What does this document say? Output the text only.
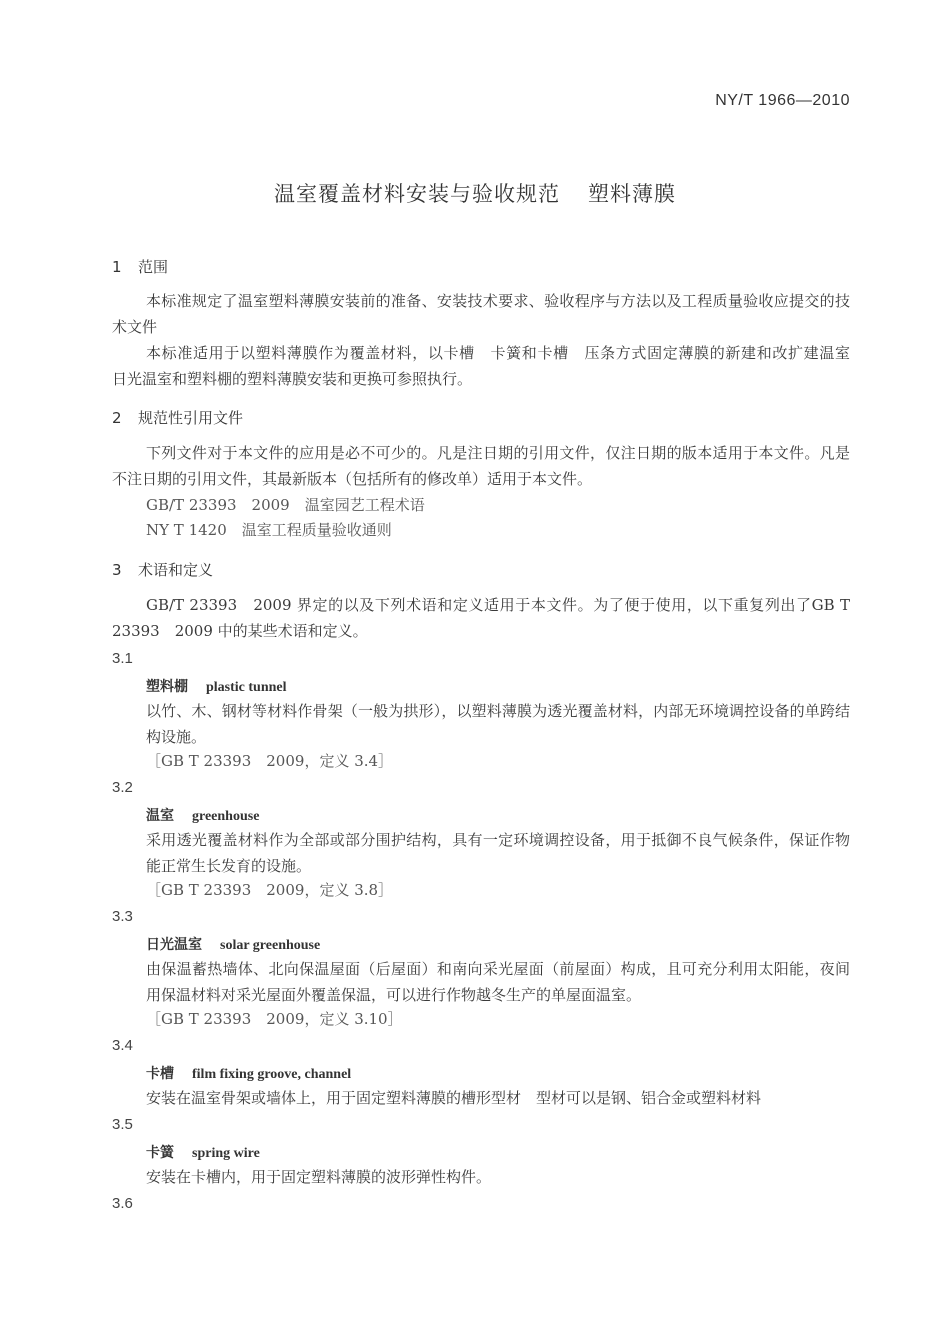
NY/T 1966—2010
温室覆盖材料安装与验收规范 塑料薄膜
1 范围
本标准规定了温室塑料薄膜安装前的准备、安装技术要求、验收程序与方法以及工程质量验收应提交的技术文件
本标准适用于以塑料薄膜作为覆盖材料，以卡槽　卡簧和卡槽　压条方式固定薄膜的新建和改扩建温室　日光温室和塑料棚的塑料薄膜安装和更换可参照执行。
2 规范性引用文件
下列文件对于本文件的应用是必不可少的。凡是注日期的引用文件，仅注日期的版本适用于本文件。凡是不注日期的引用文件，其最新版本（包括所有的修改单）适用于本文件。
GB/T 23393　2009　温室园艺工程术语
NY T 1420　温室工程质量验收通则
3 术语和定义
GB/T 23393　2009 界定的以及下列术语和定义适用于本文件。为了便于使用，以下重复列出了GB T 23393　2009 中的某些术语和定义。
3.1
塑料棚 plastic tunnel
以竹、木、钢材等材料作骨架（一般为拱形），以塑料薄膜为透光覆盖材料，内部无环境调控设备的单跨结构设施。
［GB T 23393　2009，定义 3.4］
3.2
温室 greenhouse
采用透光覆盖材料作为全部或部分围护结构，具有一定环境调控设备，用于抵御不良气候条件，保证作物能正常生长发育的设施。
［GB T 23393　2009，定义 3.8］
3.3
日光温室 solar greenhouse
由保温蓄热墙体、北向保温屋面（后屋面）和南向采光屋面（前屋面）构成，且可充分利用太阳能，夜间用保温材料对采光屋面外覆盖保温，可以进行作物越冬生产的单屋面温室。
［GB T 23393　2009，定义 3.10］
3.4
卡槽 film fixing groove, channel
安装在温室骨架或墙体上，用于固定塑料薄膜的槽形型材　型材可以是钢、铝合金或塑料材料
3.5
卡簧 spring wire
安装在卡槽内，用于固定塑料薄膜的波形弹性构件。
3.6
